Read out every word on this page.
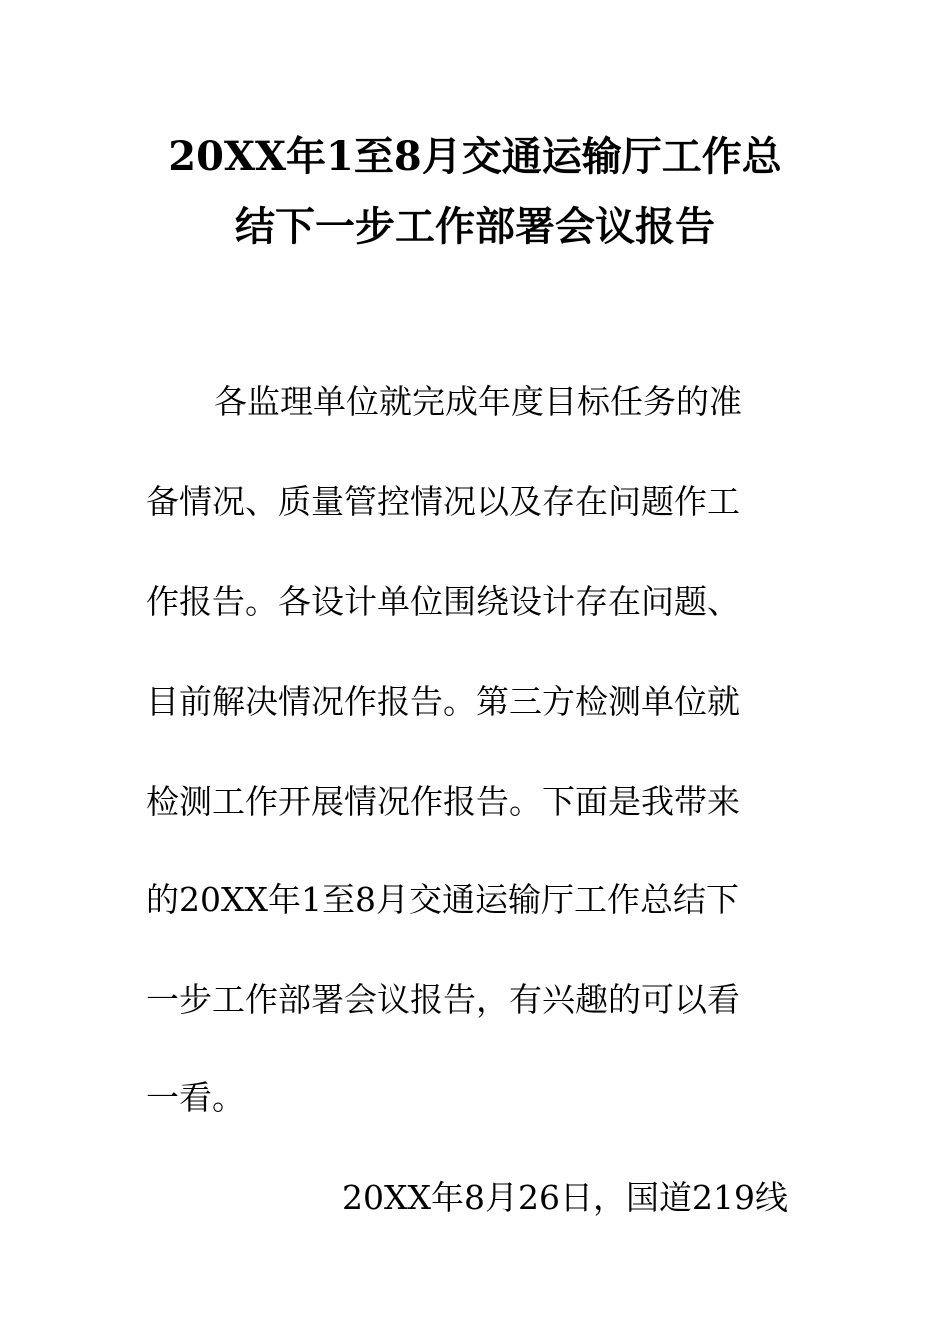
20XX年1至8月交通运输厅工作总
结下一步工作部署会议报告
各监理单位就完成年度目标任务的准
备情况、质量管控情况以及存在问题作工
作报告。各设计单位围绕设计存在问题、
目前解决情况作报告。第三方检测单位就
检测工作开展情况作报告。下面是我带来
的20XX年1至8月交通运输厅工作总结下
一步工作部署会议报告，有兴趣的可以看
一看。
20XX年8月26日，国道219线
